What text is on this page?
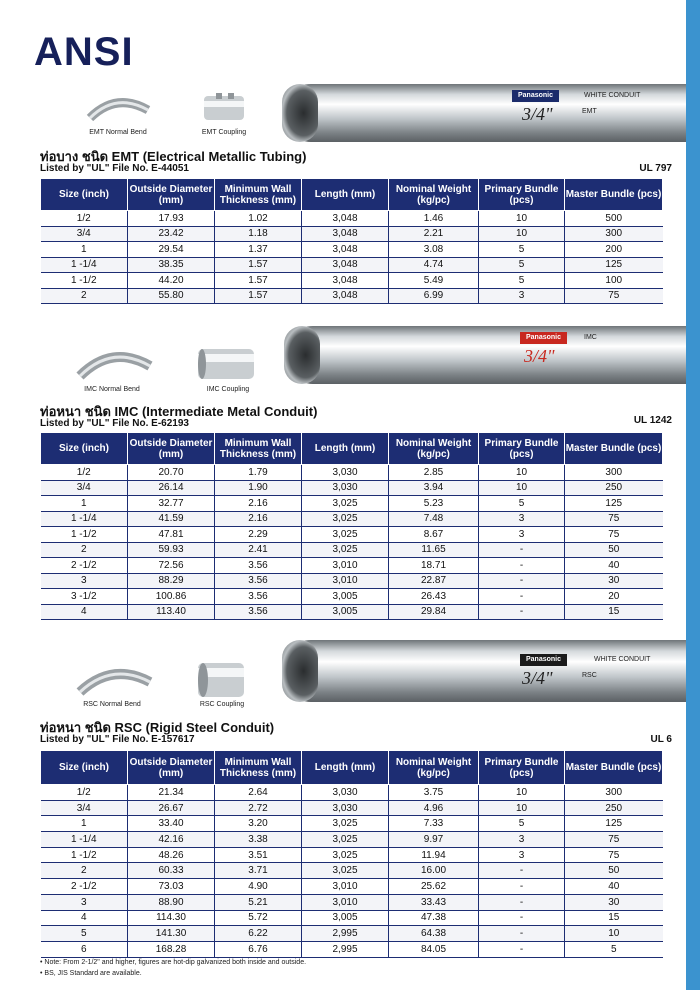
ANSI
EMT Normal Bend	EMT Coupling
Panasonic	WHITE CONDUIT
3/4"	EMT
ท่อบาง ชนิด EMT (Electrical Metallic Tubing)
Listed by "UL" File No. E-44051	UL 797
Size (inch)	Outside Diameter (mm)	Minimum Wall Thickness (mm)	Length (mm)	Nominal Weight (kg/pc)	Primary Bundle (pcs)	Master Bundle (pcs)
1/2	17.93	1.02	3,048	1.46	10	500
3/4	23.42	1.18	3,048	2.21	10	300
1	29.54	1.37	3,048	3.08	5	200
1 -1/4	38.35	1.57	3,048	4.74	5	125
1 -1/2	44.20	1.57	3,048	5.49	5	100
2	55.80	1.57	3,048	6.99	3	75
IMC Normal Bend	IMC Coupling
Panasonic	IMC
3/4"
ท่อหนา ชนิด IMC (Intermediate Metal Conduit)
Listed by "UL" File No. E-62193	UL 1242
Size (inch)	Outside Diameter (mm)	Minimum Wall Thickness (mm)	Length (mm)	Nominal Weight (kg/pc)	Primary Bundle (pcs)	Master Bundle (pcs)
1/2	20.70	1.79	3,030	2.85	10	300
3/4	26.14	1.90	3,030	3.94	10	250
1	32.77	2.16	3,025	5.23	5	125
1 -1/4	41.59	2.16	3,025	7.48	3	75
1 -1/2	47.81	2.29	3,025	8.67	3	75
2	59.93	2.41	3,025	11.65	-	50
2 -1/2	72.56	3.56	3,010	18.71	-	40
3	88.29	3.56	3,010	22.87	-	30
3 -1/2	100.86	3.56	3,005	26.43	-	20
4	113.40	3.56	3,005	29.84	-	15
RSC Normal Bend	RSC Coupling
Panasonic	WHITE CONDUIT
3/4"	RSC
ท่อหนา ชนิด RSC (Rigid Steel Conduit)
Listed by "UL" File No. E-157617	UL 6
Size (inch)	Outside Diameter (mm)	Minimum Wall Thickness (mm)	Length (mm)	Nominal Weight (kg/pc)	Primary Bundle (pcs)	Master Bundle (pcs)
1/2	21.34	2.64	3,030	3.75	10	300
3/4	26.67	2.72	3,030	4.96	10	250
1	33.40	3.20	3,025	7.33	5	125
1 -1/4	42.16	3.38	3,025	9.97	3	75
1 -1/2	48.26	3.51	3,025	11.94	3	75
2	60.33	3.71	3,025	16.00	-	50
2 -1/2	73.03	4.90	3,010	25.62	-	40
3	88.90	5.21	3,010	33.43	-	30
4	114.30	5.72	3,005	47.38	-	15
5	141.30	6.22	2,995	64.38	-	10
6	168.28	6.76	2,995	84.05	-	5
• Note: From 2-1/2" and higher, figures are hot-dip galvanized both inside and outside.
• BS, JIS Standard are available.
